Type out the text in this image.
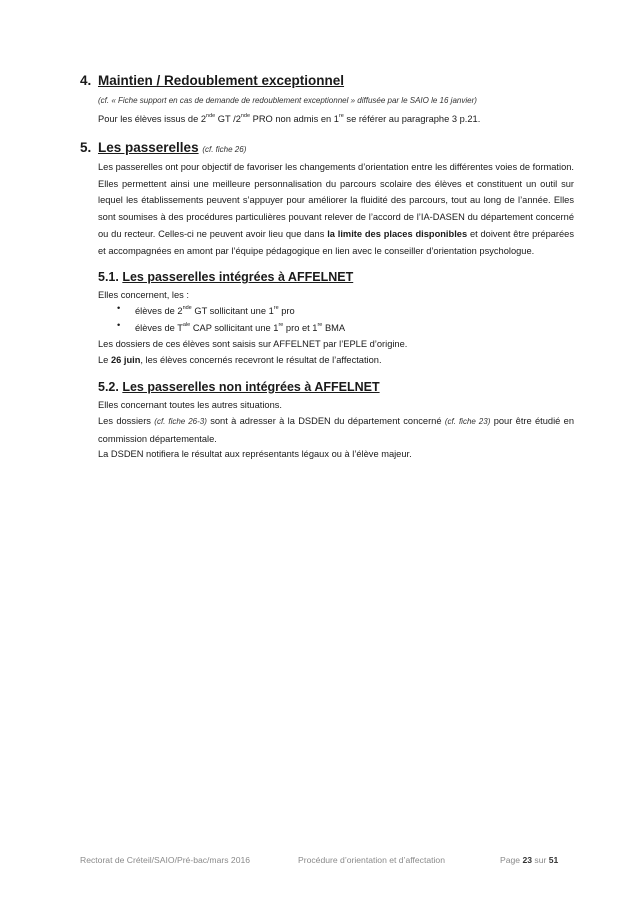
4. Maintien / Redoublement exceptionnel
(cf. « Fiche support en cas de demande de redoublement exceptionnel » diffusée par le SAIO le 16 janvier)
Pour les élèves issus de 2nde GT /2nde PRO non admis en 1re se référer au paragraphe 3 p.21.
5. Les passerelles (cf. fiche 26)
Les passerelles ont pour objectif de favoriser les changements d’orientation entre les différentes voies de formation. Elles permettent ainsi une meilleure personnalisation du parcours scolaire des élèves et constituent un outil sur lequel les établissements peuvent s’appuyer pour améliorer la fluidité des parcours, tout au long de l’année. Elles sont soumises à des procédures particulières pouvant relever de l’accord de l’IA-DASEN du département concerné ou du recteur. Celles-ci ne peuvent avoir lieu que dans la limite des places disponibles et doivent être préparées et accompagnées en amont par l’équipe pédagogique en lien avec le conseiller d’orientation psychologue.
5.1. Les passerelles intégrées à AFFELNET
Elles concernent, les :
• élèves de 2nde GT sollicitant une 1re pro
• élèves de $T^{ale}$ CAP sollicitant une 1re pro et 1re BMA
Les dossiers de ces élèves sont saisis sur AFFELNET par l’EPLE d’origine.
Le 26 juin, les élèves concernés recevront le résultat de l’affectation.
5.2. Les passerelles non intégrées à AFFELNET
Elles concernant toutes les autres situations.
Les dossiers (cf. fiche 26-3) sont à adresser à la DSDEN du département concerné (cf. fiche 23) pour être étudié en commission départementale.
La DSDEN notifiera le résultat aux représentants légaux ou à l’élève majeur.
Rectorat de Créteil/SAIO/Pré-bac/mars 2016	Procédure d’orientation et d’affectation	Page 23 sur 51
